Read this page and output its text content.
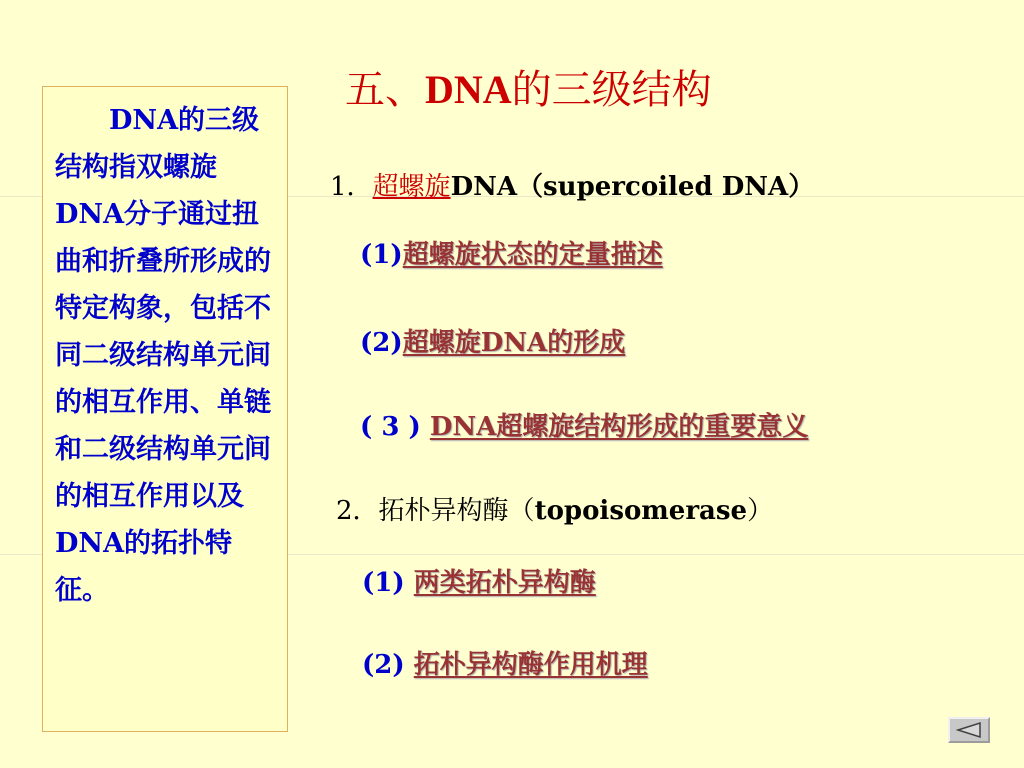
五、DNA的三级结构
DNA的三级结构指双螺旋DNA分子通过扭曲和折叠所形成的特定构象，包括不同二级结构单元间的相互作用、单链和二级结构单元间的相互作用以及DNA的拓扑特征。
1．超螺旋DNA（supercoiled DNA）
(1)超螺旋状态的定量描述
(2)超螺旋DNA的形成
( 3 ) DNA超螺旋结构形成的重要意义
2．拓朴异构酶（topoisomerase）
(1) 两类拓朴异构酶
(2) 拓朴异构酶作用机理
